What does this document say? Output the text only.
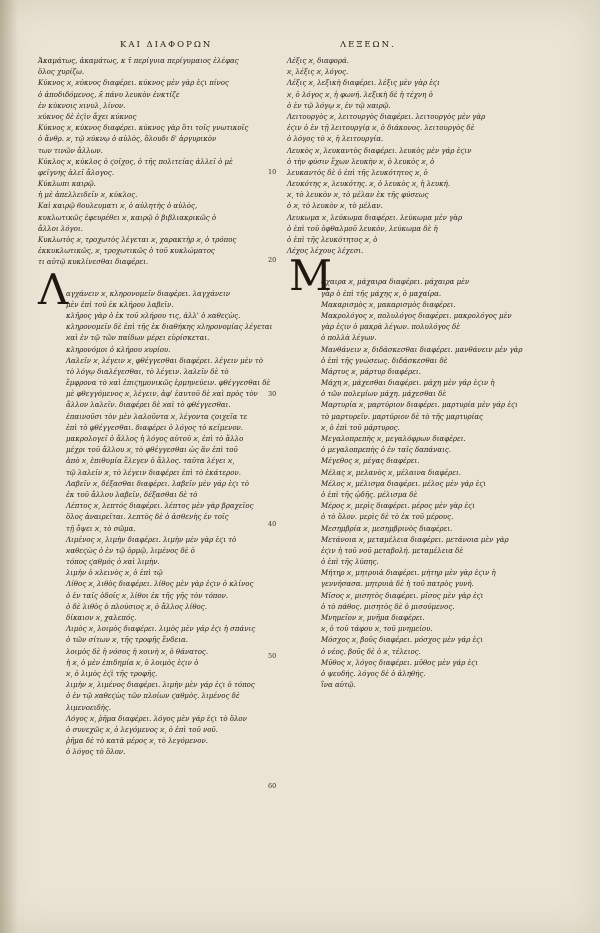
ΚΑΙ ΔΙΑΦΟΡΩΝ	ΛΕΞΕΩΝ.
Ἀκαμάτως, ἀκαμάτως, κ τ̃ περίγυια περίγυμαιος ἐλέφας
ὅλος χυρίζω.
Κύκνος ϰ͵ ϰύκνος διαφέρει. κύκνος μὲν γὰρ ἐϛι πίνος
ὁ ἀποδιδόμενος, ϰ̃ πάνυ λευκὸν ἐνκτίζε
ἐν κύκνοις ϰινυλ͵ λίνον.
ϰύκνος δὲ ἐϛὶν ἄχει κύκνος
Κύκνος ϰ͵ κύκνος διαφέρει. κύκνος γὰρ ὅτι τοῖς γνωτικοῖς
ὁ ἄνθρ. ϰ͵ τῷ ϰύκνῳ ὁ αὐλὸς, ὅλουδι δ' ἀργυρικὸν
των τινῶν ἄλλων.
Κύκλος ϰ͵ κύκλος ὁ ϛοῖχος, ὁ τῆς πολιτείας ἀλλεῖ ὁ μὲ
φεῖγνης ἀλεῖ ἄλογος.
Κύκλωπι καιρῷ.
ἡ μὲ ἀπελλειδεῖν ϰ͵ κύκλος.
Καὶ καιρῷ ϐουλευματι ϰ͵ ὁ αὐλητὴς ὁ αὐλὸς,
κυκλωτικῶς ἐφευρέθει ϰ͵ καιρῷ ὁ βιβλιακρικῶς ὁ
ἄλλοι λόγοι.
Κυκλωτὸς ϰ͵ τροχωτὸς λέγεται ϰ͵ χαρακτὴρ ϰ͵ ὁ τρόπος
ἐκκυκλωτικῶς, ϰ͵ τροχωτικῶς ὁ τοῦ κυκλώματος
τι αὐτῷ κυκλίνεσθαι διαφέρει.
αγχάνειν ϰ͵ κληρονομεῖν διαφέρει. λαγχάνειν
μὲν ἐπὶ τοῦ ἐκ κλήρου λαβεῖν.
κλῆρος γὰρ ὁ ἐκ τοῦ ϰλήρου τις, ἀλλ' ὁ ϰαθεϛὼς.
κληρονομεῖν δὲ ἐπὶ τῆς ἐκ διαθήκης ϰληρονομίας λέγεται
ϰαὶ ἐν τῷ τῶν παίδων μέρει εὑρίσκεται.
κληρονόμοι ὁ κλήρου ϰυρίου.
Λαλεῖν ϰ͵ λέγειν ϰ͵ φθέγγεσθαι διαφέρει. λέγειν μὲν τὸ
τὸ λόγῳ διαλέγεσθαι, τὸ λέγειν. λαλεῖν δὲ τὸ
ἔμφρονα τὸ ϰαὶ ἐπιϛημονικῶς ἐρμηνεύειν. φθέγγεσθαι δὲ
μὲ φθεγγόμενος ϰ͵ λέγειν, ἀφ' ἑαυτοῦ δὲ ϰαὶ πρὸς τὸν
ἄλλον λαλεῖν. διαφέρει δὲ ϰαὶ τὸ φθέγγεσθαι.
ἐπαινοῦσι τὸν μὲν λαλοῦντα ϰ͵ λέγοντα ϛοιχεῖα τε
ἐπὶ τὸ φθέγγεσθαι. διαφέρει ὁ λόγος τὸ κείμενον.
μακρολογεῖ ὁ ἄλλος ἡ λόγος αὐτοῦ ϰ͵ ἐπὶ τὸ ἄλλο
μέχρι τοῦ ἄλλου ϰ͵ τὸ φθέγγεσθαι ὡς ἂν ἐπὶ τοῦ
ἀπὸ ϰ͵ ἐπιθυμία ἔλεγεν ὁ ἄλλος. ταῦτα λέγει ϰ͵
τῷ λαλεῖν ϰ͵ τὸ λέγειν διαφέρει ἐπὶ τὸ ἑκάτερον.
Λαβεῖν ϰ͵ δέξασθαι διαφέρει. λαβεῖν μὲν γάρ ἐϛι τὸ
ἐκ τοῦ ἄλλου λαβεῖν, δέξασθαι δὲ τὸ
Λέπτος ϰ͵ λεπτός διαφέρει. λέπτος μὲν γὰρ βραχεῖος
ὅλος ἀναιρεῖται. λεπτὸς δὲ ὁ ἀσθενὴς ἐν τοῖς
τῇ ὄψει ϰ͵ τὸ σῶμα.
Λιμένος ϰ͵ λιμὴν διαφέρει. λιμὴν μὲν γὰρ ἐϛι τὸ
ϰαθεϛὼς ὁ ἐν τῷ ὁρμῷ, λιμένος δὲ ὁ
τόπος ϛαθμός ὁ ϰαὶ λιμὴν.
λιμὴν ὁ ϰλεινὸς ϰ͵ ὁ ἐπὶ τῷ
Λίθος ϰ͵ λιθὸς διαφέρει. λίθος μὲν γὰρ ἐϛιν ὁ κλίνος
ὁ ἐν ταῖς ὁδοῖς ϰ͵ λίθοι ἐκ τῆς γῆς τὸν τόπον.
ὁ δὲ λιθὸς ὁ πλούσιος ϰ͵ ὁ ἄλλος λίθος.
δίκαιον ϰ͵ χαλεπός.
Λιμὸς ϰ͵ λοιμὸς διαφέρει. λιμὸς μὲν γάρ ἐϛι ἡ σπάνις
ὁ τῶν σίτων ϰ͵ τῆς τροφῆς ἔνδεια.
λοιμὸς δὲ ἡ νόσος ἡ ϰοινὴ ϰ͵ ὁ θάνατος.
ἡ ϰ͵ ὁ μὲν ἐπιδημία ϰ͵ ὁ λοιμὸς ἐϛιν ὁ
ϰ͵ ὁ λιμὸς ἐϛὶ τῆς τροφῆς.
λιμὴν ϰ͵ λιμένος διαφέρει. λιμὴν μὲν γάρ ἐϛι ὁ τόπος
ὁ ἐν τῷ ϰαθεϛὼς τῶν πλοίων ϛαθμὸς. λιμένος δὲ
λιμενοειδὴς.
Λόγος ϰ͵ ῥῆμα διαφέρει. λόγος μὲν γάρ ἐϛι τὸ ὅλον
ὁ συνεχῶς ϰ͵ ὁ λεγόμενος ϰ͵ ὁ ἐπὶ τοῦ νοῦ.
ῥῆμα δὲ τὸ κατὰ μέρος ϰ͵ τὸ λεγόμενον.
ὁ λόγος τὸ ὅλον.
Λ
Λέξις ϰ͵ διαφορά.
ϰ͵ λέξις ϰ͵ λόγος.
Λέξις ϰ͵ λεξικὴ διαφέρει. λέξις μὲν γὰρ ἐϛι
ϰ͵ ὁ λόγος ϰ͵ ἡ φωνή. λεξικὴ δὲ ἡ τέχνη ὁ
ὁ ἐν τῷ λόγῳ ϰ͵ ἐν τῷ ϰαιρῷ.
Λειτουργὸς ϰ͵ λειτουργὸς διαφέρει. λειτουργὸς μὲν γὰρ
ἐϛιν ὁ ἐν τῇ λειτουργίᾳ ϰ͵ ὁ διάκονος. λειτουργὸς δὲ
ὁ λόγος τὸ ϰ͵ ἡ λειτουργία.
Λευκὸς ϰ͵ λευκαντὸς διαφέρει. λευκὸς μὲν γάρ ἐϛιν
ὁ τὴν φύσιν ἔχων λευκὴν ϰ͵ ὁ λευκὸς ϰ͵ ὁ
λευκαντὸς δὲ ὁ ἐπὶ τῆς λευκότητος ϰ͵ ὁ
Λευκότης ϰ͵ λευκότης. ϰ͵ ὁ λευκὸς ϰ͵ ἡ λευκή.
ϰ͵ τὸ λευκὸν ϰ͵ τὸ μέλαν ἐκ τῆς φύσεως
ὁ ϰ͵ τὸ λευκὸν ϰ͵ τὸ μέλαν.
Λευκωμα ϰ͵ λεύκωμα διαφέρει. λεύκωμα μὲν γὰρ
ὁ ἐπὶ τοῦ ὀφθαλμοῦ λευκὸν, λεύκωμα δὲ ἡ
ὁ ἐπὶ τῆς λευκότητος ϰ͵ ὁ
Λέχος λέχους λέχεσι.
άχαιρα ϰ͵ μάχαιρα διαφέρει. μάχαιρα μὲν
γὰρ ὁ ἐπὶ τῆς μάχης ϰ͵ ὁ μαχαίρα.
Μακαρισμὸς ϰ͵ μακαρισμὸς διαφέρει.
Μακρολόγος ϰ͵ πολυλόγος διαφέρει. μακρολόγος μὲν
γὰρ ἐϛιν ὁ μακρὰ λέγων. πολυλόγος δὲ
ὁ πολλὰ λέγων.
Μανθάνειν ϰ͵ διδάσκεσθαι διαφέρει. μανθάνειν μὲν γὰρ
ὁ ἐπὶ τῆς γνώσεως. διδάσκεσθαι δὲ
Μάρτυς ϰ͵ μάρτυρ διαφέρει.
Μάχη ϰ͵ μάχεσθαι διαφέρει. μάχη μὲν γάρ ἐϛιν ἡ
ὁ τῶν πολεμίων μάχη. μάχεσθαι δὲ
Μαρτυρία ϰ͵ μαρτύριον διαφέρει. μαρτυρία μὲν γάρ ἐϛι
τὸ μαρτυρεῖν. μαρτύριον δὲ τὸ τῆς μαρτυρίας
ϰ͵ ὁ ἐπὶ τοῦ μάρτυρος.
Μεγαλοπρεπὴς ϰ͵ μεγαλόφρων διαφέρει.
ὁ μεγαλοπρεπὴς ὁ ἐν ταῖς δαπάναις.
Μέγεθος ϰ͵ μέγας διαφέρει.
Μέλας ϰ͵ μελανὸς ϰ͵ μέλαινα διαφέρει.
Μέλος ϰ͵ μέλισμα διαφέρει. μέλος μὲν γάρ ἐϛι
ὁ ἐπὶ τῆς ᾠδῆς. μέλισμα δὲ
Μέρος ϰ͵ μερὶς διαφέρει. μέρος μὲν γὰρ ἐϛι
ὁ τὸ ὅλον. μερὶς δὲ τὸ ἐκ τοῦ μέρους.
Μεσημβρία ϰ͵ μεσημβρινὸς διαφέρει.
Μετάνοια ϰ͵ μεταμέλεια διαφέρει. μετάνοια μὲν γὰρ
ἐϛιν ἡ τοῦ νοῦ μεταβολή. μεταμέλεια δὲ
ὁ ἐπὶ τῆς λύπης.
Μήτηρ ϰ͵ μητρυιὰ διαφέρει. μήτηρ μὲν γὰρ ἐϛιν ἡ
γεννήσασα. μητρυιὰ δὲ ἡ τοῦ πατρὸς γυνή.
Μῖσος ϰ͵ μισητὸς διαφέρει. μῖσος μὲν γὰρ ἐϛι
ὁ τὸ πάθος. μισητὸς δὲ ὁ μισούμενος.
Μνημεῖον ϰ͵ μνῆμα διαφέρει.
ϰ͵ ὁ τοῦ τάφου ϰ͵ τοῦ μνημείου.
Μόσχος ϰ͵ βοῦς διαφέρει. μόσχος μὲν γάρ ἐϛι
ὁ νέος. βοῦς δὲ ὁ ϰ͵ τέλειος.
Μῦθος ϰ͵ λόγος διαφέρει. μῦθος μὲν γάρ ἐϛι
ὁ ψευδής. λόγος δὲ ὁ ἀληθής.
ἵνα αὐτῷ.
Μ
10
20
30
40
50
60
